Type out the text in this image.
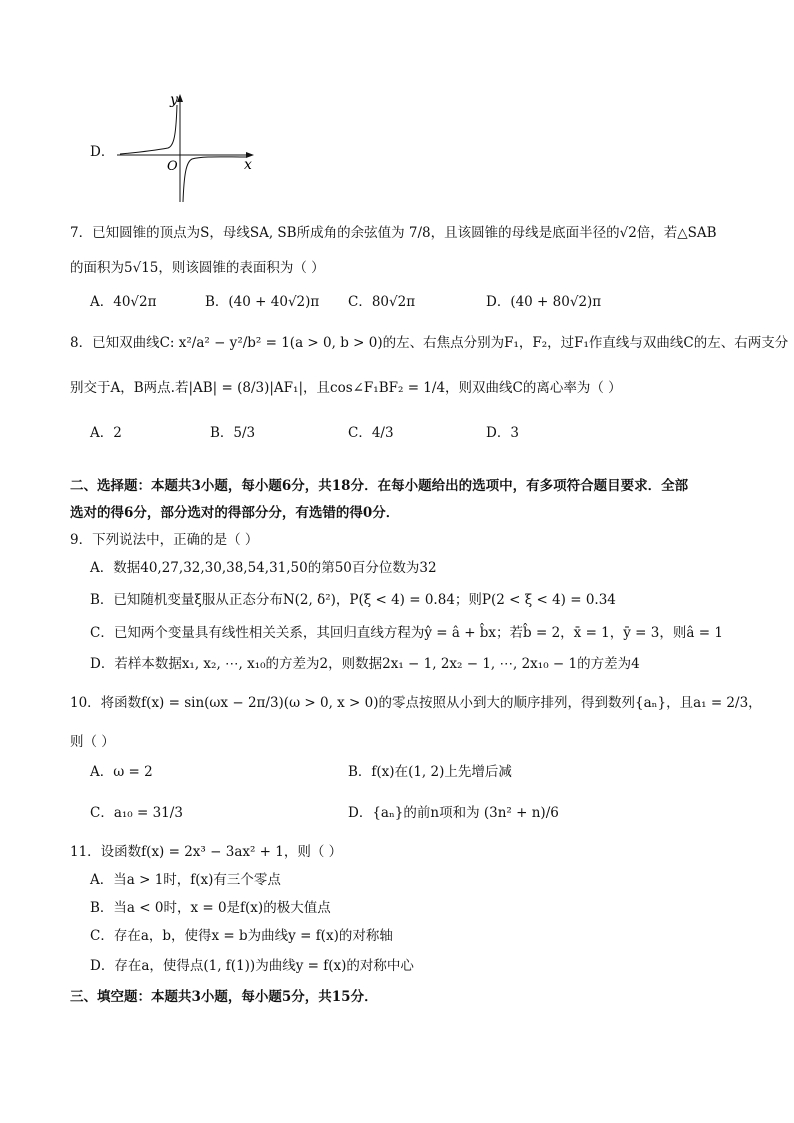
D．
y
x
O
7．已知圆锥的顶点为S，母线SA, SB所成角的余弦值为 7/8，且该圆锥的母线是底面半径的√2倍，若△SAB
的面积为5√15，则该圆锥的表面积为（ ）
A．40√2π	B．(40 + 40√2)π C．80√2π	D．(40 + 80√2)π
8．已知双曲线C: x²/a² − y²/b² = 1(a > 0, b > 0)的左、右焦点分别为F₁，F₂，过F₁作直线与双曲线C的左、右两支分
别交于A，B两点.若|AB| = (8/3)|AF₁|，且cos∠F₁BF₂ = 1/4，则双曲线C的离心率为（ ）
A．2	B．5/3	C．4/3	D．3
二、选择题：本题共3小题，每小题6分，共18分．在每小题给出的选项中，有多项符合题目要求．全部
选对的得6分，部分选对的得部分分，有选错的得0分．
9．下列说法中，正确的是（ ）
A．数据40,27,32,30,38,54,31,50的第50百分位数为32
B．已知随机变量ξ服从正态分布N(2, δ²)，P(ξ < 4) = 0.84；则P(2 < ξ < 4) = 0.34
C．已知两个变量具有线性相关关系，其回归直线方程为ŷ = â + b̂x；若b̂ = 2，x̄ = 1，ȳ = 3，则â = 1
D．若样本数据x₁, x₂, ⋯, x₁₀的方差为2，则数据2x₁ − 1, 2x₂ − 1, ⋯, 2x₁₀ − 1的方差为4
10．将函数f(x) = sin(ωx − 2π/3)(ω > 0, x > 0)的零点按照从小到大的顺序排列，得到数列{aₙ}，且a₁ = 2/3，
则（ ）
A．ω = 2	B．f(x)在(1, 2)上先增后减
C．a₁₀ = 31/3	D．{aₙ}的前n项和为 (3n² + n)/6
11．设函数f(x) = 2x³ − 3ax² + 1，则（ ）
A．当a > 1时，f(x)有三个零点
B．当a < 0时，x = 0是f(x)的极大值点
C．存在a，b，使得x = b为曲线y = f(x)的对称轴
D．存在a，使得点(1, f(1))为曲线y = f(x)的对称中心
三、填空题：本题共3小题，每小题5分，共15分．
